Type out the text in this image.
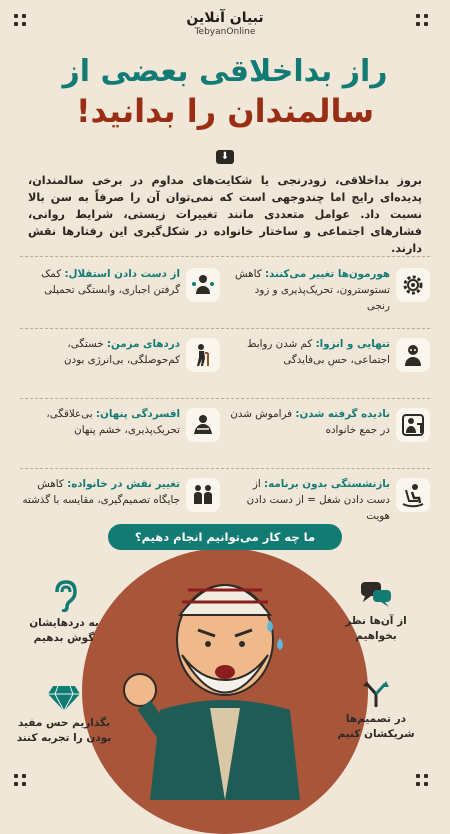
تبیان آنلاین
TebyanOnline
راز بداخلاقی بعضی از
سالمندان را بدانید!
⬇
بروز بداخلاقی، زودرنجی یا شکایت‌های مداوم در برخی سالمندان، پدیده‌ای رایج اما چندوجهی است که نمی‌توان آن را صرفاً به سن بالا نسبت داد. عوامل متعددی مانند تغییرات زیستی، شرایط روانی، فشارهای اجتماعی و ساختار خانواده در شکل‌گیری این رفتارها نقش دارند.
هورمون‌ها تغییر می‌کنند: کاهش تستوسترون، تحریک‌پذیری و زود رنجی
از دست دادن استقلال: کمک گرفتن اجباری، وابستگی تحمیلی
تنهایی و انزوا: کم شدن روابط اجتماعی، حس بی‌فایدگی
دردهای مزمن: خستگی، کم‌حوصلگی، بی‌انرژی بودن
نادیده گرفته شدن: فراموش شدن در جمع خانواده
افسردگی پنهان: بی‌علاقگی، تحریک‌پذیری، خشم پنهان
بازنشستگی بدون برنامه: از دست دادن شغل = از دست دادن هویت
تغییر نقش در خانواده: کاهش جایگاه تصمیم‌گیری، مقایسه با گذشته
ما چه کار می‌توانیم انجام دهیم؟
از آن‌ها نظر بخواهیم
به دردهایشان گوش بدهیم
در تصمیم‌ها شریکشان کنیم
بگذاریم حس مفید بودن را تجربه کنند
